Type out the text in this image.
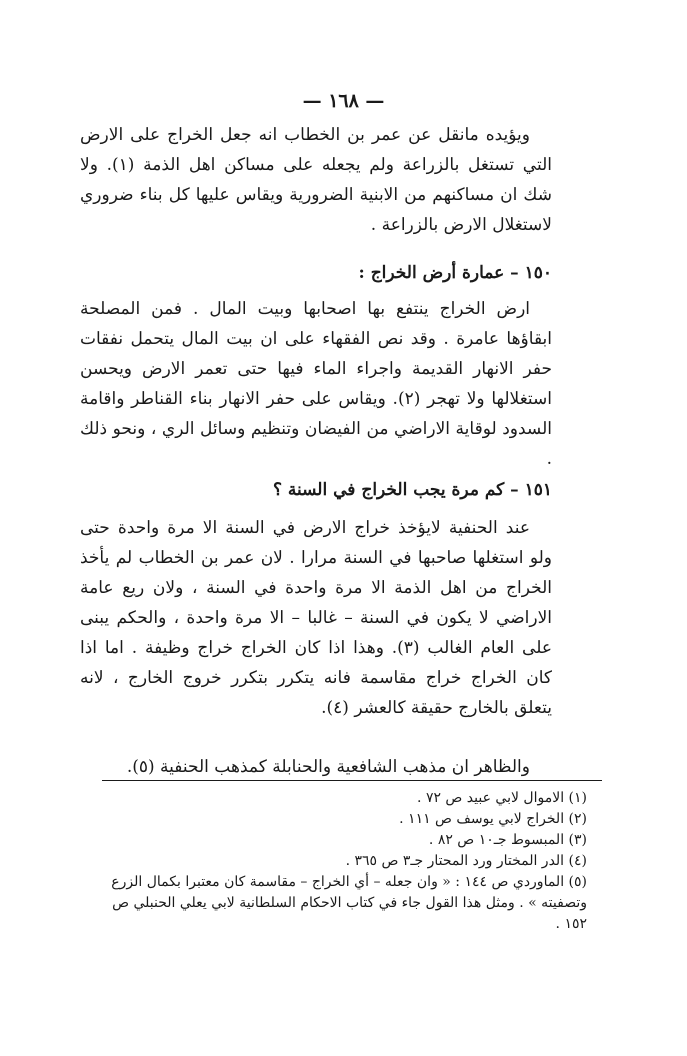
— ١٦٨ —

ويؤيده مانقل عن عمر بن الخطاب انه جعل الخراج على الارض التي تستغل بالزراعة ولم يجعله على مساكن اهل الذمة (١). ولا شك ان مساكنهم من الابنية الضرورية ويقاس عليها كل بناء ضروري لاستغلال الارض بالزراعة .

١٥٠ – عمارة أرض الخراج :

ارض الخراج ينتفع بها اصحابها وبيت المال . فمن المصلحة ابقاؤها عامرة . وقد نص الفقهاء على ان بيت المال يتحمل نفقات حفر الانهار القديمة واجراء الماء فيها حتى تعمر الارض ويحسن استغلالها ولا تهجر (٢). ويقاس على حفر الانهار بناء القناطر واقامة السدود لوقاية الاراضي من الفيضان وتنظيم وسائل الري ، ونحو ذلك .

١٥١ – كم مرة يجب الخراج في السنة ؟

عند الحنفية لايؤخذ خراج الارض في السنة الا مرة واحدة حتى ولو استغلها صاحبها في السنة مرارا . لان عمر بن الخطاب لم يأخذ الخراج من اهل الذمة الا مرة واحدة في السنة ، ولان ريع عامة الاراضي لا يكون في السنة – غالبا – الا مرة واحدة ، والحكم يبنى على العام الغالب (٣). وهذا اذا كان الخراج خراج وظيفة . اما اذا كان الخراج خراج مقاسمة فانه يتكرر بتكرر خروج الخارج ، لانه يتعلق بالخارج حقيقة كالعشر (٤).

والظاهر ان مذهب الشافعية والحنابلة كمذهب الحنفية (٥).

(١) الاموال لابي عبيد ص ٧٢ .

(٢) الخراج لابي يوسف ص ١١١ .

(٣) المبسوط جـ١٠ ص ٨٢ .

(٤) الدر المختار ورد المحتار جـ٣ ص ٣٦٥ .

(٥) الماوردي ص ١٤٤ : « وان جعله – أي الخراج – مقاسمة كان معتبرا بكمال الزرع وتصفيته » . ومثل هذا القول جاء في كتاب الاحكام السلطانية لابي يعلي الحنبلي ص ١٥٢ .
